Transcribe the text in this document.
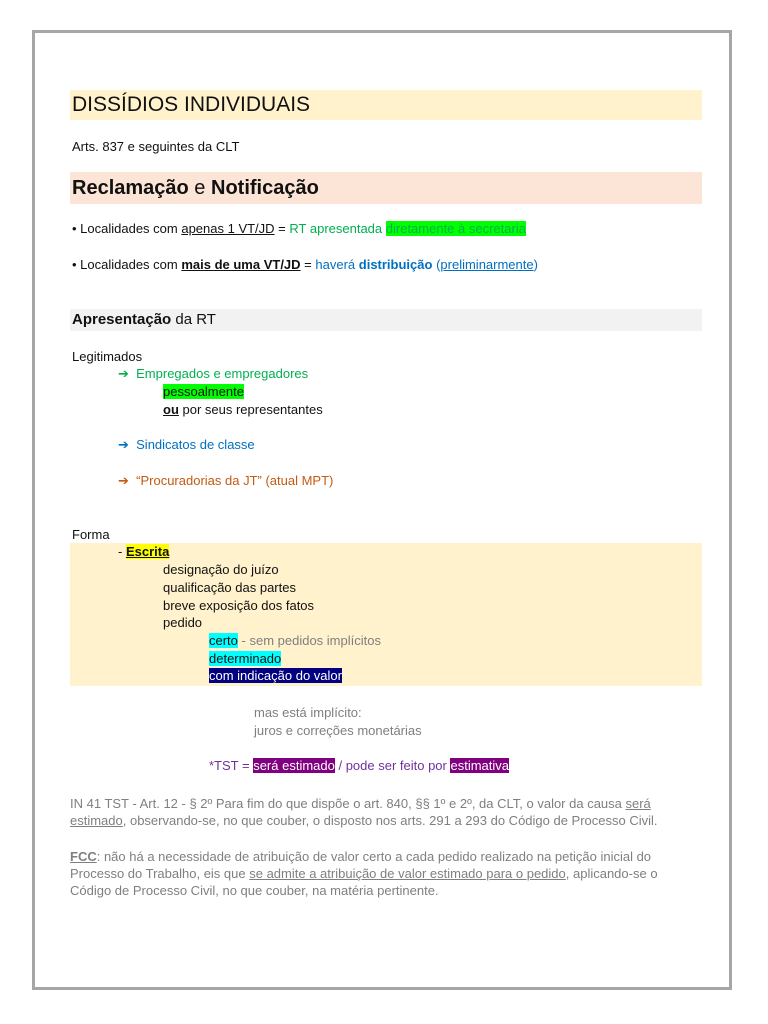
DISSÍDIOS INDIVIDUAIS
Arts. 837 e seguintes da CLT
Reclamação e Notificação
• Localidades com apenas 1 VT/JD = RT apresentada diretamente à secretaria
• Localidades com mais de uma VT/JD = haverá distribuição (preliminarmente)
Apresentação da RT
Legitimados
➔ Empregados e empregadores
pessoalmente
ou por seus representantes
➔ Sindicatos de classe
➔ “Procuradorias da JT” (atual MPT)
Forma
- Escrita
designação do juízo
qualificação das partes
breve exposição dos fatos
pedido
certo - sem pedidos implícitos
determinado
com indicação do valor
mas está implícito:
juros e correções monetárias
*TST = será estimado / pode ser feito por estimativa
IN 41 TST - Art. 12 - § 2º Para fim do que dispõe o art. 840, §§ 1º e 2º, da CLT, o valor da causa será estimado, observando-se, no que couber, o disposto nos arts. 291 a 293 do Código de Processo Civil.
FCC: não há a necessidade de atribuição de valor certo a cada pedido realizado na petição inicial do Processo do Trabalho, eis que se admite a atribuição de valor estimado para o pedido, aplicando-se o Código de Processo Civil, no que couber, na matéria pertinente.
